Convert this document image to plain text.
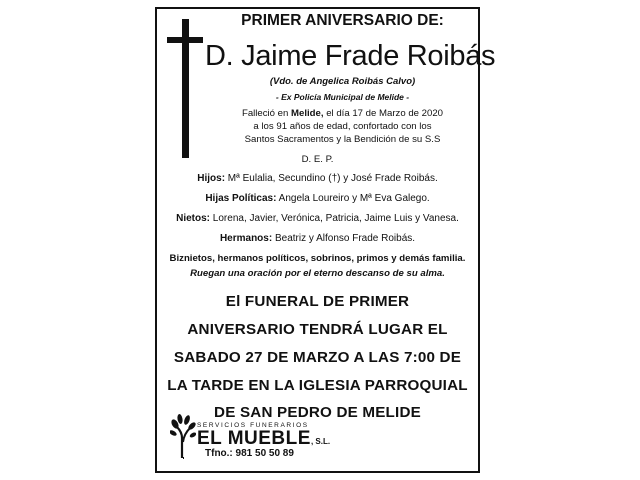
PRIMER ANIVERSARIO DE:
D. Jaime Frade Roibás
(Vdo. de Angelica Roibás Calvo)
- Ex Policía Municipal de Melide -
Falleció en Melide, el día 17 de Marzo de 2020
a los 91 años de edad, confortado con los
Santos Sacramentos y la Bendición de su S.S
D. E. P.
Hijos: Mª Eulalia, Secundino (†) y José Frade Roibás.
Hijas Políticas: Angela Loureiro y Mª Eva Galego.
Nietos: Lorena, Javier, Verónica, Patricia, Jaime Luis y Vanesa.
Hermanos: Beatriz y Alfonso Frade Roibás.
Biznietos, hermanos políticos, sobrinos, primos y demás familia.
Ruegan una oración por el eterno descanso de su alma.
El FUNERAL DE PRIMER
ANIVERSARIO TENDRÁ LUGAR EL
SABADO 27 DE MARZO A LAS 7:00 DE
LA TARDE EN LA IGLESIA PARROQUIAL
DE SAN PEDRO DE MELIDE
SERVICIOS FUNERARIOS
EL MUEBLE, S.L.
Tfno.: 981 50 50 89
